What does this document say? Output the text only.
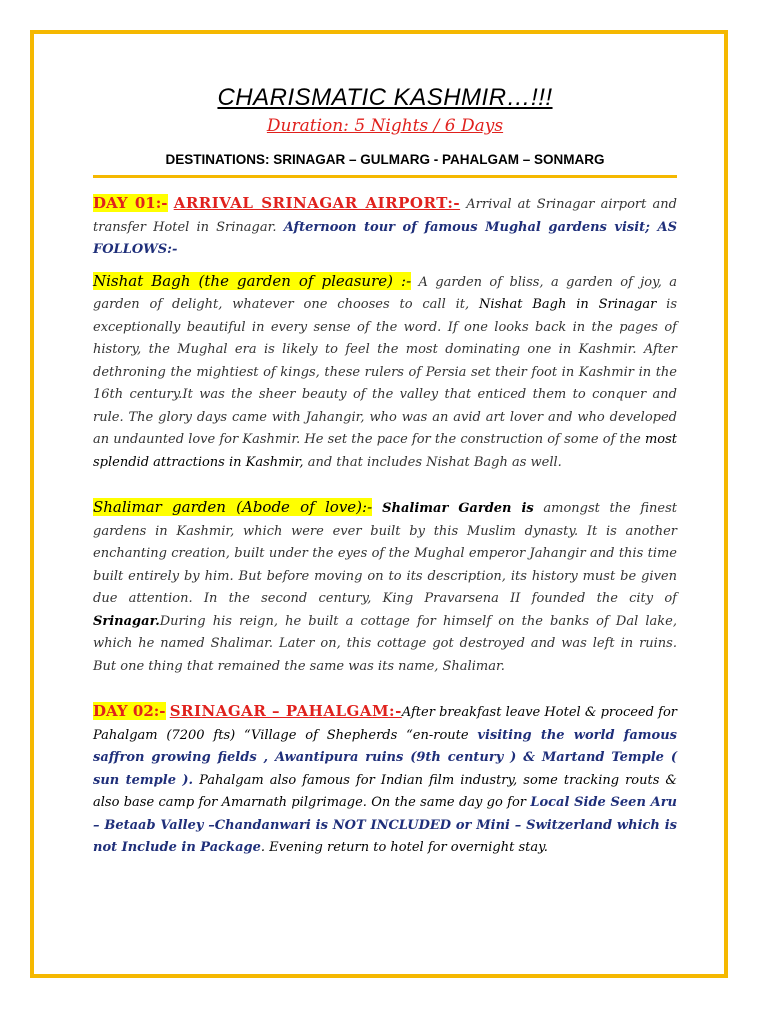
CHARISMATIC KASHMIR…!!!

Duration: 5 Nights / 6 Days

DESTINATIONS: SRINAGAR – GULMARG - PAHALGAM – SONMARG

DAY 01:- ARRIVAL SRINAGAR AIRPORT:- Arrival at Srinagar airport and transfer Hotel in Srinagar. Afternoon tour of famous Mughal gardens visit; AS FOLLOWS:-

Nishat Bagh (the garden of pleasure) :- A garden of bliss, a garden of joy, a garden of delight, whatever one chooses to call it, Nishat Bagh in Srinagar is exceptionally beautiful in every sense of the word. If one looks back in the pages of history, the Mughal era is likely to feel the most dominating one in Kashmir. After dethroning the mightiest of kings, these rulers of Persia set their foot in Kashmir in the 16th century.It was the sheer beauty of the valley that enticed them to conquer and rule. The glory days came with Jahangir, who was an avid art lover and who developed an undaunted love for Kashmir. He set the pace for the construction of some of the most splendid attractions in Kashmir, and that includes Nishat Bagh as well.

Shalimar garden (Abode of love):- Shalimar Garden is amongst the finest gardens in Kashmir, which were ever built by this Muslim dynasty. It is another enchanting creation, built under the eyes of the Mughal emperor Jahangir and this time built entirely by him. But before moving on to its description, its history must be given due attention. In the second century, King Pravarsena II founded the city of Srinagar.During his reign, he built a cottage for himself on the banks of Dal lake, which he named Shalimar. Later on, this cottage got destroyed and was left in ruins. But one thing that remained the same was its name, Shalimar.

DAY 02:- SRINAGAR – PAHALGAM:-After breakfast leave Hotel & proceed for Pahalgam (7200 fts) “Village of Shepherds “en-route visiting the world famous saffron growing fields , Awantipura ruins (9th century ) & Martand Temple ( sun temple ). Pahalgam also famous for Indian film industry, some tracking routs & also base camp for Amarnath pilgrimage. On the same day go for Local Side Seen Aru – Betaab Valley –Chandanwari is NOT INCLUDED or Mini – Switzerland which is not Include in Package. Evening return to hotel for overnight stay.
